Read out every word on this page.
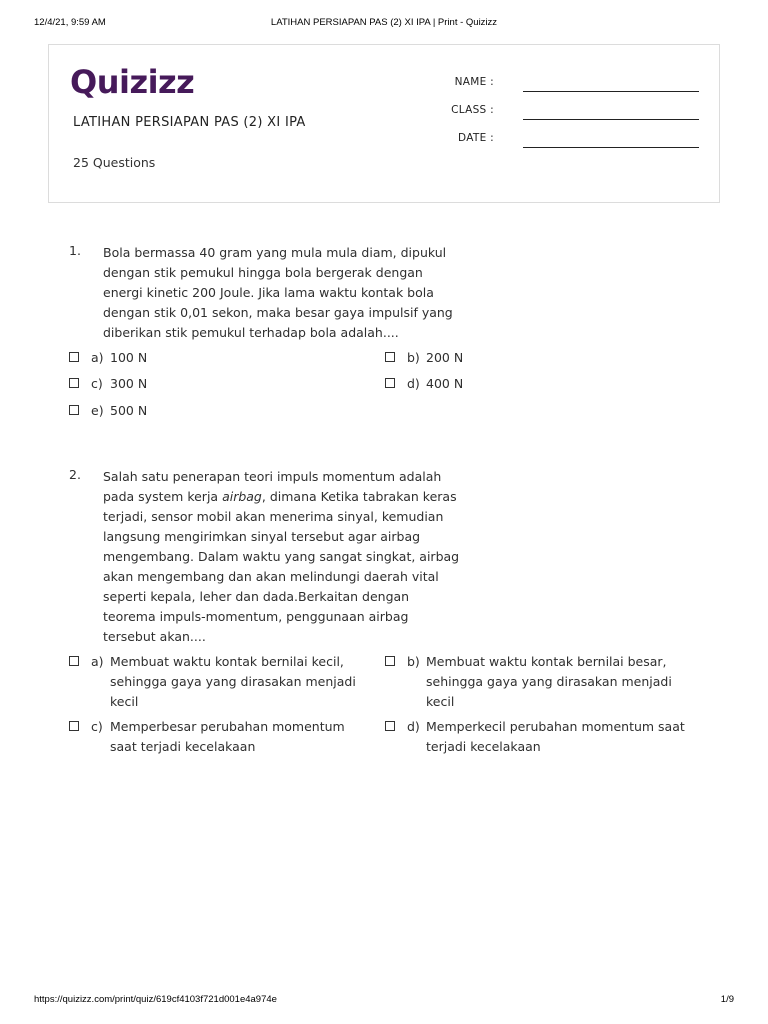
12/4/21, 9:59 AM	LATIHAN PERSIAPAN PAS (2) XI IPA | Print - Quizizz
Quizizz
LATIHAN PERSIAPAN PAS (2) XI IPA
25 Questions
NAME :
CLASS :
DATE :
1. Bola bermassa 40 gram yang mula mula diam, dipukul
dengan stik pemukul hingga bola bergerak dengan
energi kinetic 200 Joule. Jika lama waktu kontak bola
dengan stik 0,01 sekon, maka besar gaya impulsif yang
diberikan stik pemukul terhadap bola adalah....
a) 100 N	b) 200 N
c) 300 N	d) 400 N
e) 500 N
2. Salah satu penerapan teori impuls momentum adalah
pada system kerja airbag, dimana Ketika tabrakan keras
terjadi, sensor mobil akan menerima sinyal, kemudian
langsung mengirimkan sinyal tersebut agar airbag
mengembang. Dalam waktu yang sangat singkat, airbag
akan mengembang dan akan melindungi daerah vital
seperti kepala, leher dan dada.Berkaitan dengan
teorema impuls-momentum, penggunaan airbag
tersebut akan....
a) Membuat waktu kontak bernilai kecil,
sehingga gaya yang dirasakan menjadi
kecil
b) Membuat waktu kontak bernilai besar,
sehingga gaya yang dirasakan menjadi
kecil
c) Memperbesar perubahan momentum
saat terjadi kecelakaan
d) Memperkecil perubahan momentum saat
terjadi kecelakaan
https://quizizz.com/print/quiz/619cf4103f721d001e4a974e	1/9
